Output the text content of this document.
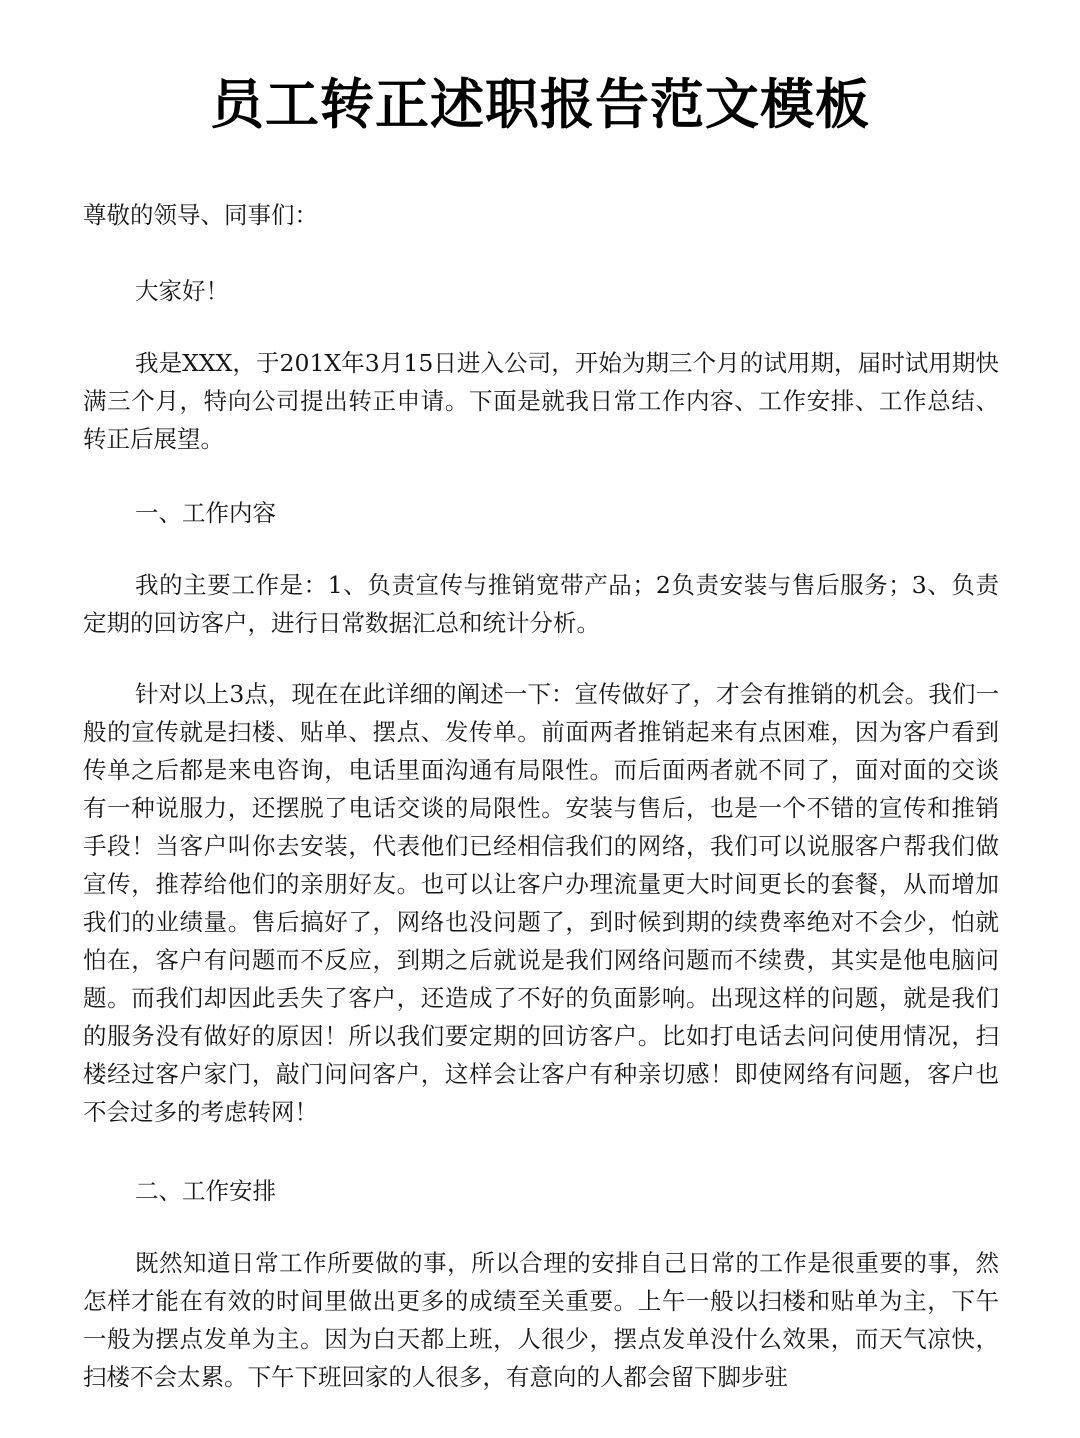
员工转正述职报告范文模板

尊敬的领导、同事们：

大家好！

我是XXX，于201X年3月15日进入公司，开始为期三个月的试用期，届时试用期快满三个月，特向公司提出转正申请。下面是就我日常工作内容、工作安排、工作总结、转正后展望。

一、工作内容

我的主要工作是：1、负责宣传与推销宽带产品；2负责安装与售后服务；3、负责定期的回访客户，进行日常数据汇总和统计分析。

针对以上3点，现在在此详细的阐述一下：宣传做好了，才会有推销的机会。我们一般的宣传就是扫楼、贴单、摆点、发传单。前面两者推销起来有点困难，因为客户看到传单之后都是来电咨询，电话里面沟通有局限性。而后面两者就不同了，面对面的交谈有一种说服力，还摆脱了电话交谈的局限性。安装与售后，也是一个不错的宣传和推销手段！当客户叫你去安装，代表他们已经相信我们的网络，我们可以说服客户帮我们做宣传，推荐给他们的亲朋好友。也可以让客户办理流量更大时间更长的套餐，从而增加我们的业绩量。售后搞好了，网络也没问题了，到时候到期的续费率绝对不会少，怕就怕在，客户有问题而不反应，到期之后就说是我们网络问题而不续费，其实是他电脑问题。而我们却因此丢失了客户，还造成了不好的负面影响。出现这样的问题，就是我们的服务没有做好的原因！所以我们要定期的回访客户。比如打电话去问问使用情况，扫楼经过客户家门，敲门问问客户，这样会让客户有种亲切感！即使网络有问题，客户也不会过多的考虑转网！

二、工作安排

既然知道日常工作所要做的事，所以合理的安排自己日常的工作是很重要的事，然怎样才能在有效的时间里做出更多的成绩至关重要。上午一般以扫楼和贴单为主，下午一般为摆点发单为主。因为白天都上班，人很少，摆点发单没什么效果，而天气凉快，扫楼不会太累。下午下班回家的人很多，有意向的人都会留下脚步驻
